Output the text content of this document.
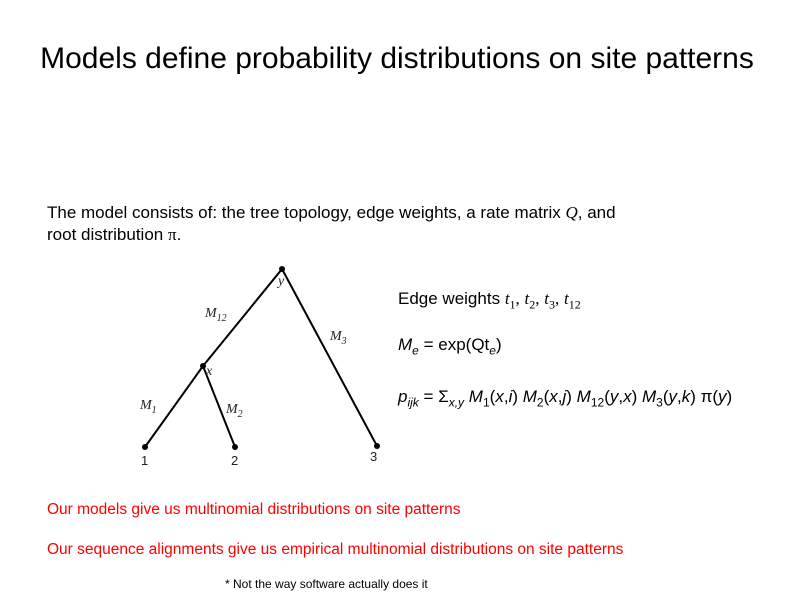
Models define probability distributions on site patterns
The model consists of: the tree topology, edge weights, a rate matrix Q, and
root distribution π.
y
x
$M_{12}$
$M_3$
$M_1$	$M_2$
1	2	3
Edge weights $t_1$, $t_2$, $t_3$, $t_{12}$
$M_e = \exp(Qt_e)$
$p_{ijk} = \Sigma_{x,y}$ $M_1(x,i)$ $M_2(x,j)$ $M_{12}(y,x)$ $M_3(y,k)$ π(y)
Our models give us multinomial distributions on site patterns
Our sequence alignments give us empirical multinomial distributions on site patterns
* Not the way software actually does it
